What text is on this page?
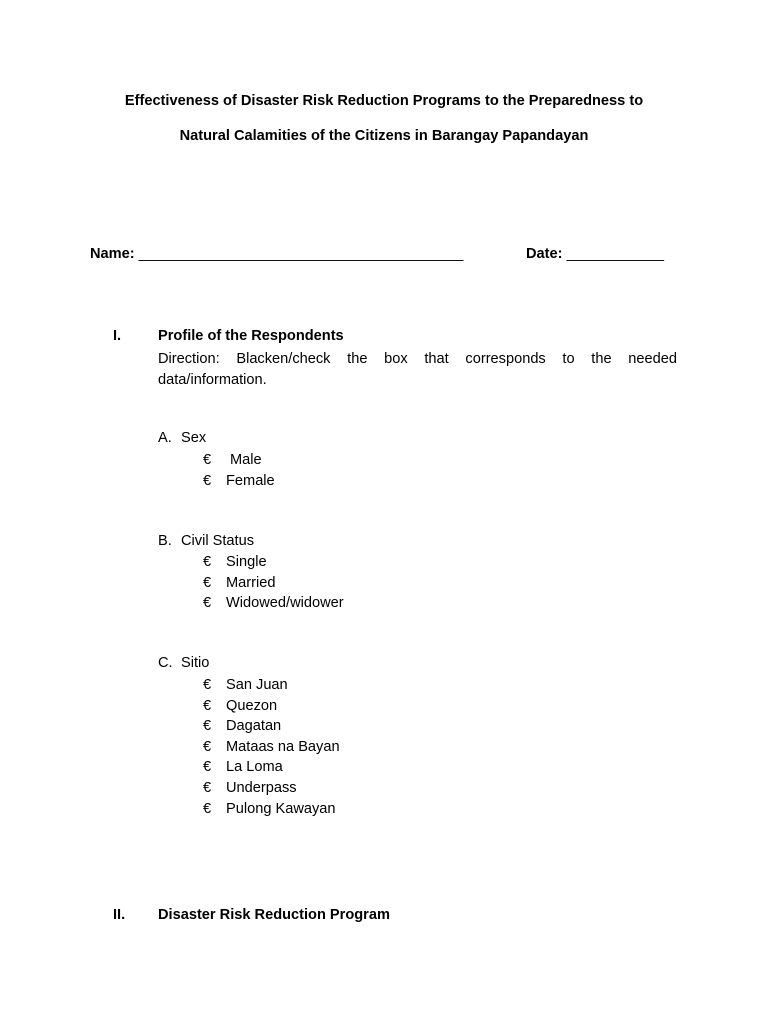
Effectiveness of Disaster Risk Reduction Programs to the Preparedness to
Natural Calamities of the Citizens in Barangay Papandayan
Name: ________________________________________	Date: ____________
I.	Profile of the Respondents
Direction: Blacken/check the box that corresponds to the needed data/information.
A. Sex
€ Male
€ Female
B. Civil Status
€ Single
€ Married
€ Widowed/widower
C. Sitio
€ San Juan
€ Quezon
€ Dagatan
€ Mataas na Bayan
€ La Loma
€ Underpass
€ Pulong Kawayan
II. Disaster Risk Reduction Program
